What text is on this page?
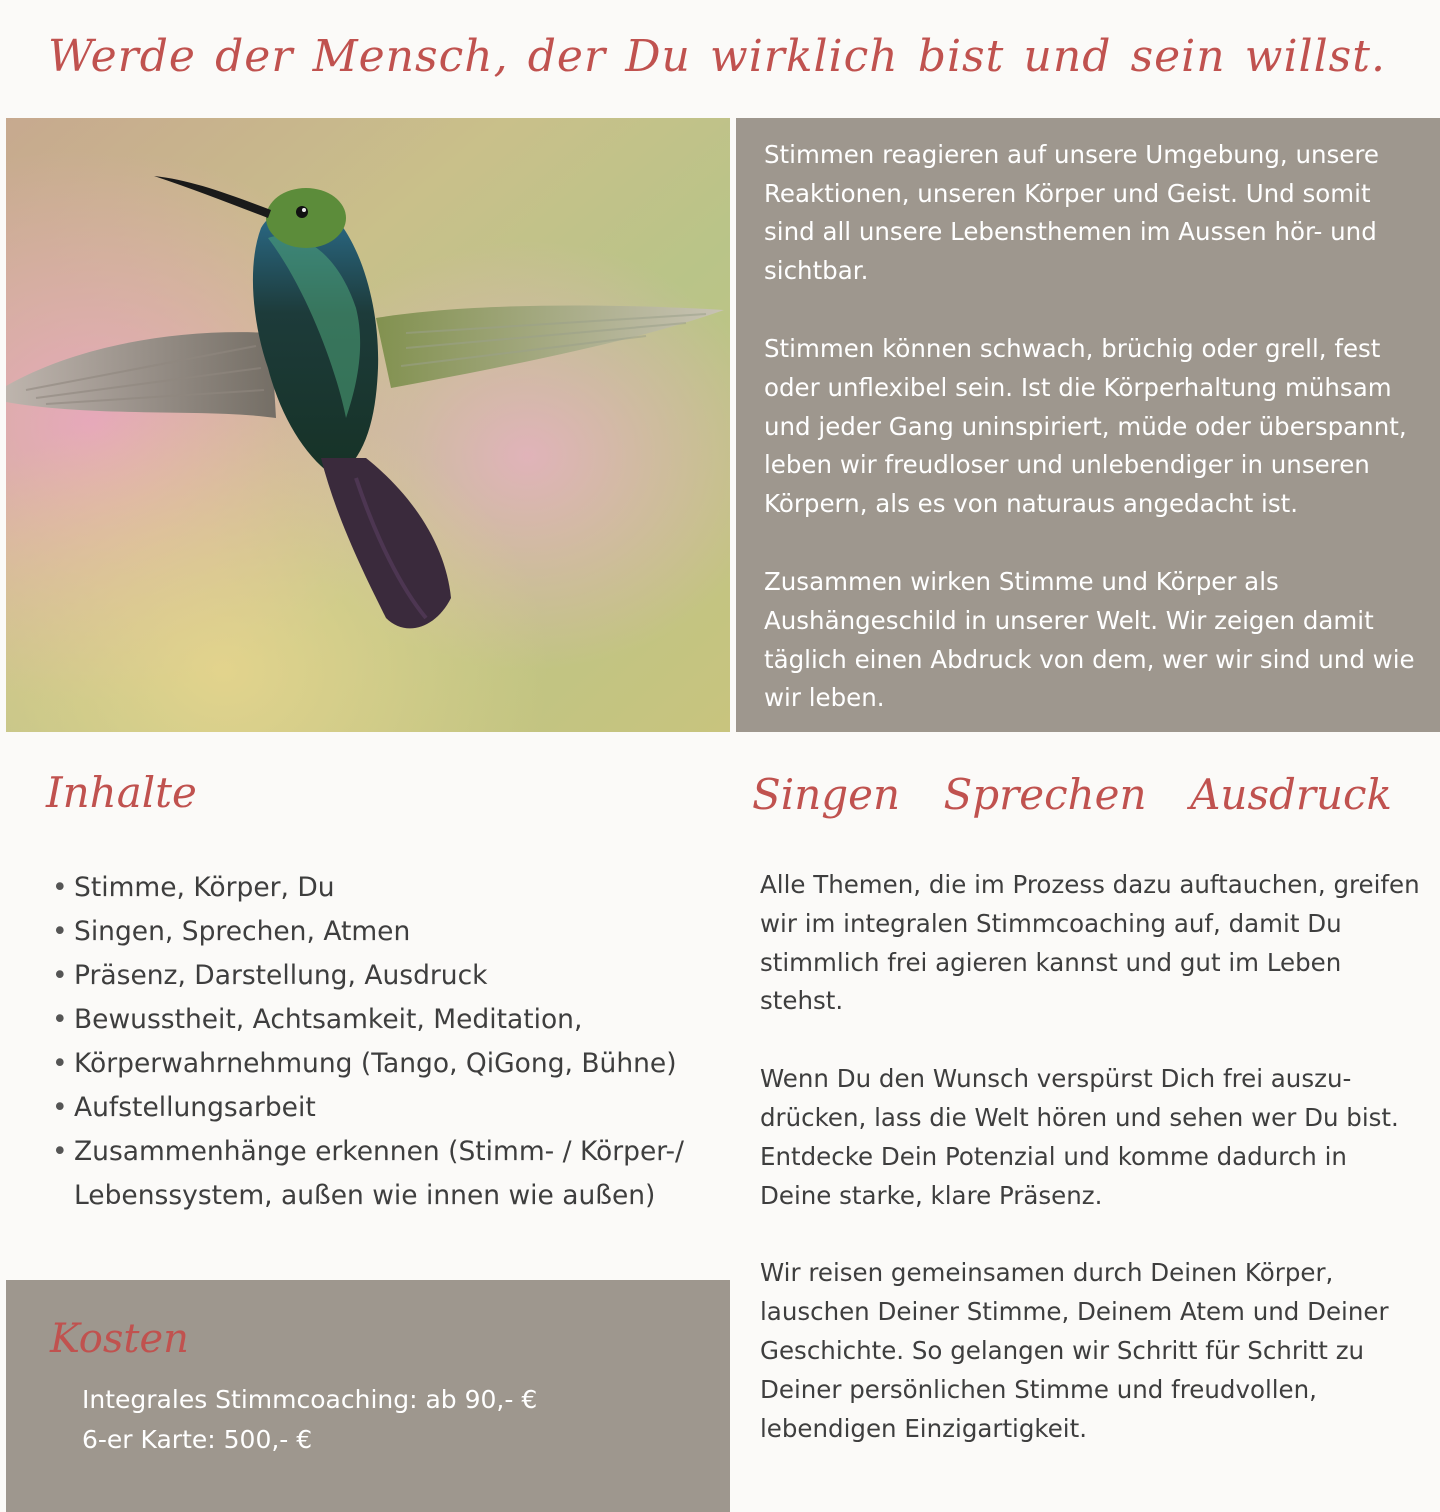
Werde der Mensch, der Du wirklich bist und sein willst.

Stimmen reagieren auf unsere Umgebung, unsere Reaktionen, unseren Körper und Geist. Und somit sind all unsere Lebensthemen im Aussen hör- und sichtbar.

Stimmen können schwach, brüchig oder grell, fest oder unflexibel sein. Ist die Körperhaltung mühsam und jeder Gang uninspiriert, müde oder überspannt, leben wir freudloser und unlebendiger in unseren Körpern, als es von naturaus angedacht ist.

Zusammen wirken Stimme und Körper als Aushängeschild in unserer Welt. Wir zeigen damit täglich einen Abdruck von dem, wer wir sind und wie wir leben.

Inhalte
• Stimme, Körper, Du
• Singen, Sprechen, Atmen
• Präsenz, Darstellung, Ausdruck
• Bewusstheit, Achtsamkeit, Meditation,
• Körperwahrnehmung (Tango, QiGong, Bühne)
• Aufstellungsarbeit
• Zusammenhänge erkennen (Stimm- / Körper-/ Lebenssystem, außen wie innen wie außen)
Kosten
Integrales Stimmcoaching: ab 90,- €
6-er Karte: 500,- €
Singen Sprechen Ausdruck

Alle Themen, die im Prozess dazu auftauchen, greifen wir im integralen Stimmcoaching auf, damit Du stimmlich frei agieren kannst und gut im Leben stehst.

Wenn Du den Wunsch verspürst Dich frei auszu-drücken, lass die Welt hören und sehen wer Du bist. Entdecke Dein Potenzial und komme dadurch in Deine starke, klare Präsenz.

Wir reisen gemeinsamen durch Deinen Körper, lauschen Deiner Stimme, Deinem Atem und Deiner Geschichte. So gelangen wir Schritt für Schritt zu Deiner persönlichen Stimme und freudvollen, lebendigen Einzigartigkeit.
